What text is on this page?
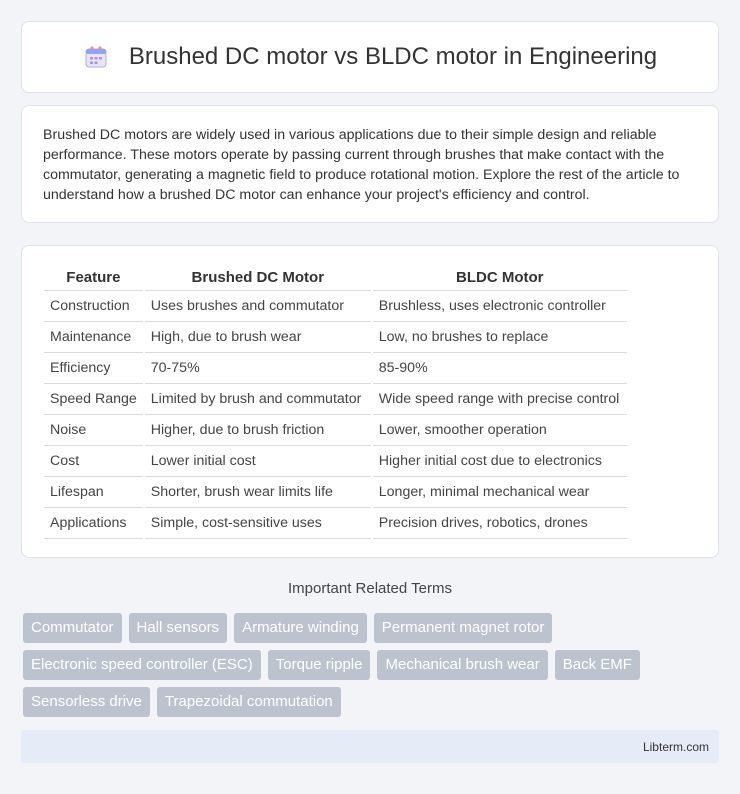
Brushed DC motor vs BLDC motor in Engineering

Brushed DC motors are widely used in various applications due to their simple design and reliable performance. These motors operate by passing current through brushes that make contact with the commutator, generating a magnetic field to produce rotational motion. Explore the rest of the article to understand how a brushed DC motor can enhance your project's efficiency and control.

Feature	Brushed DC Motor	BLDC Motor
Construction	Uses brushes and commutator	Brushless, uses electronic controller
Maintenance	High, due to brush wear	Low, no brushes to replace
Efficiency	70-75%	85-90%
Speed Range	Limited by brush and commutator	Wide speed range with precise control
Noise	Higher, due to brush friction	Lower, smoother operation
Cost	Lower initial cost	Higher initial cost due to electronics
Lifespan	Shorter, brush wear limits life	Longer, minimal mechanical wear
Applications	Simple, cost-sensitive uses	Precision drives, robotics, drones
Important Related Terms
Commutator	Hall sensors	Armature winding	Permanent magnet rotor
Electronic speed controller (ESC)	Torque ripple	Mechanical brush wear	Back EMF
Sensorless drive	Trapezoidal commutation
Libterm.com
